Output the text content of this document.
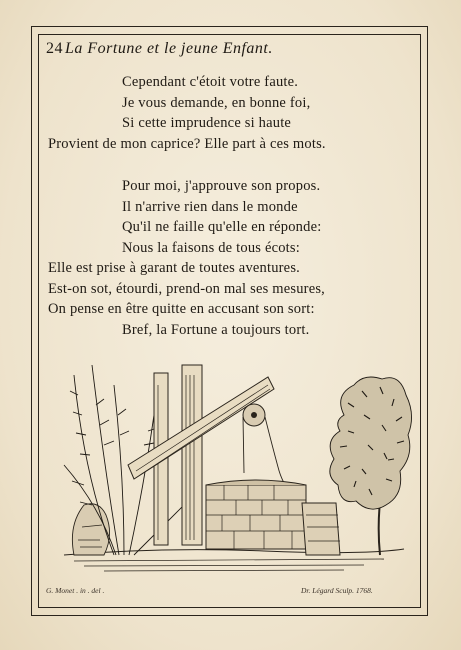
24 La Fortune et le jeune Enfant.
Cependant c'étoit votre faute.
Je vous demande, en bonne foi,
Si cette imprudence si haute
Provient de mon caprice? Elle part à ces mots.
Pour moi, j'approuve son propos.
Il n'arrive rien dans le monde
Qu'il ne faille qu'elle en réponde:
Nous la faisons de tous écots:
Elle est prise à garant de toutes aventures.
Est-on sot, étourdi, prend-on mal ses mesures,
On pense en être quitte en accusant son sort:
Bref, la Fortune a toujours tort.
G. Monet . in . del .	Dr. Légard Sculp. 1768.
